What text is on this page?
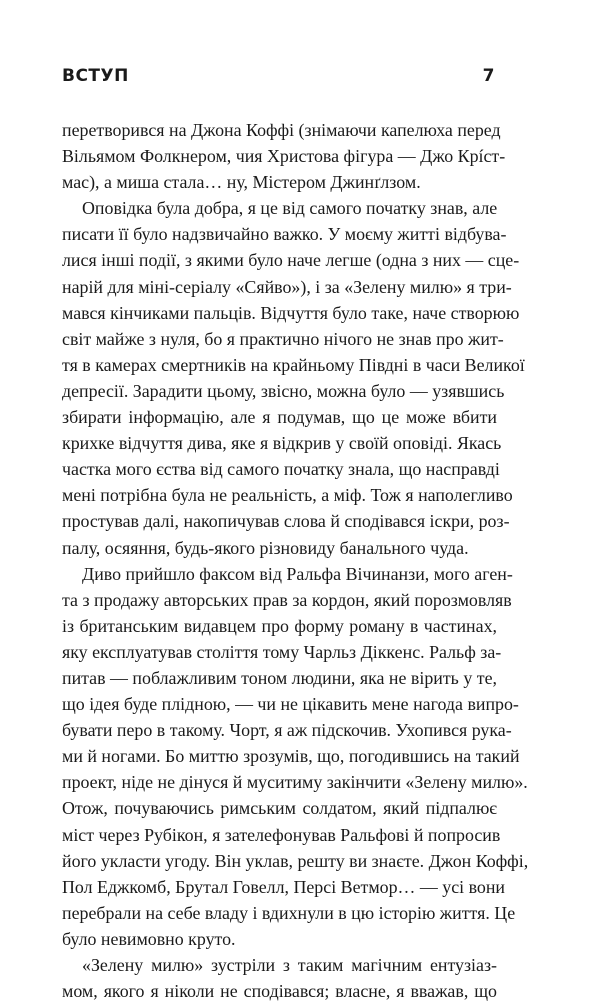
ВСТУП	7
перетворився на Джона Коффі (знімаючи капелюха перед
Вільямом Фолкнером, чия Христова фігура — Джо Крíст-
мас), а миша стала… ну, Містером Джинґлзом.
Оповідка була добра, я це від самого початку знав, але
писати її було надзвичайно важко. У моєму житті відбува-
лися інші події, з якими було наче легше (одна з них — сце-
нарій для міні-серіалу «Сяйво»), і за «Зелену милю» я три-
мався кінчиками пальців. Відчуття було таке, наче створюю
світ майже з нуля, бо я практично нічого не знав про жит-
тя в камерах смертників на крайньому Півдні в часи Великої
депресії. Зарадити цьому, звісно, можна було — узявшись
збирати інформацію, але я подумав, що це може вбити
крихке відчуття дива, яке я відкрив у своїй оповіді. Якась
частка мого єства від самого початку знала, що насправді
мені потрібна була не реальність, а міф. Тож я наполегливо
простував далі, накопичував слова й сподівався іскри, роз-
палу, осяяння, будь-якого різновиду банального чуда.
Диво прийшло факсом від Ральфа Вічинанзи, мого аген-
та з продажу авторських прав за кордон, який порозмовляв
із британським видавцем про форму роману в частинах,
яку експлуатував століття тому Чарльз Діккенс. Ральф за-
питав — поблажливим тоном людини, яка не вірить у те,
що ідея буде плідною, — чи не цікавить мене нагода випро-
бувати перо в такому. Чорт, я аж підскочив. Ухопився рука-
ми й ногами. Бо миттю зрозумів, що, погодившись на такий
проект, ніде не дінуся й муситиму закінчити «Зелену милю».
Отож, почуваючись римським солдатом, який підпалює
міст через Рубікон, я зателефонував Ральфові й попросив
його укласти угоду. Він уклав, решту ви знаєте. Джон Коффі,
Пол Еджкомб, Брутал Говелл, Персі Ветмор… — усі вони
перебрали на себе владу і вдихнули в цю історію життя. Це
було невимовно круто.
«Зелену милю» зустріли з таким магічним ентузіаз-
мом, якого я ніколи не сподівався; власне, я вважав, що
